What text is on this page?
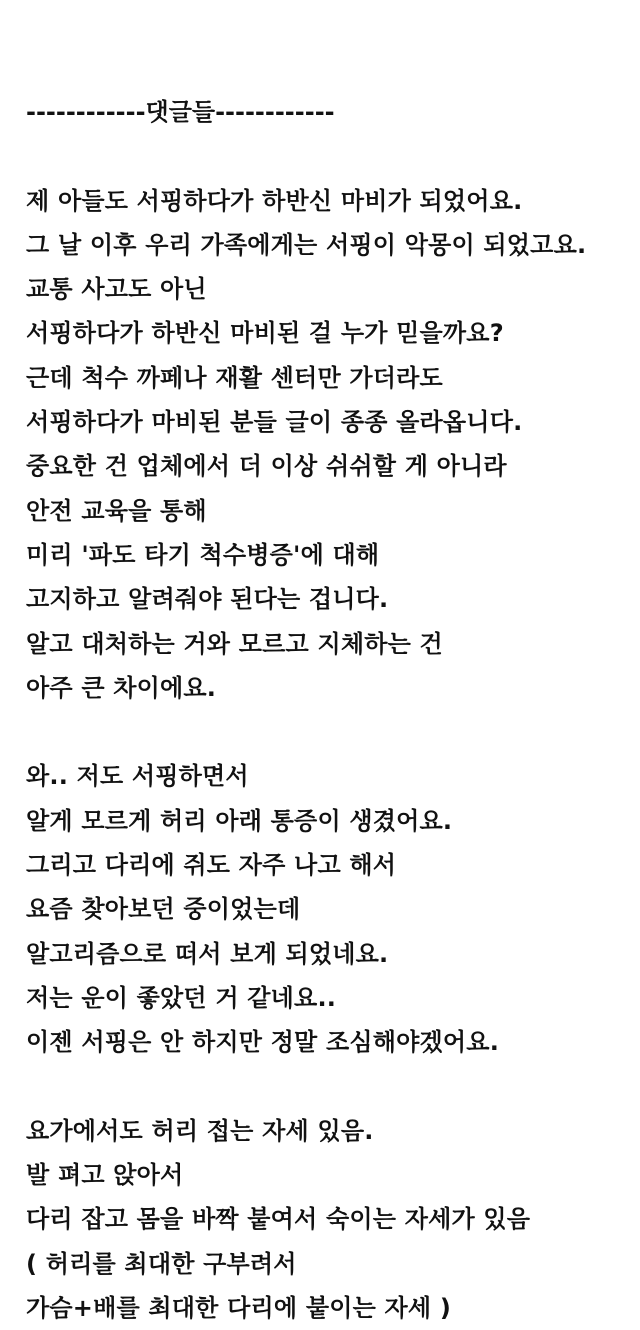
------------댓글들------------
제 아들도 서핑하다가 하반신 마비가 되었어요.
그 날 이후 우리 가족에게는 서핑이 악몽이 되었고요.
교통 사고도 아닌
서핑하다가 하반신 마비된 걸 누가 믿을까요?
근데 척수 까페나 재활 센터만 가더라도
서핑하다가 마비된 분들 글이 종종 올라옵니다.
중요한 건 업체에서 더 이상 쉬쉬할 게 아니라
안전 교육을 통해
미리 '파도 타기 척수병증'에 대해
고지하고 알려줘야 된다는 겁니다.
알고 대처하는 거와 모르고 지체하는 건
아주 큰 차이에요.
와.. 저도 서핑하면서
알게 모르게 허리 아래 통증이 생겼어요.
그리고 다리에 쥐도 자주 나고 해서
요즘 찾아보던 중이었는데
알고리즘으로 떠서 보게 되었네요.
저는 운이 좋았던 거 같네요..
이젠 서핑은 안 하지만 정말 조심해야겠어요.
요가에서도 허리 접는 자세 있음.
발 펴고 앉아서
다리 잡고 몸을 바짝 붙여서 숙이는 자세가 있음
( 허리를 최대한 구부려서
가슴+배를 최대한 다리에 붙이는 자세 )
